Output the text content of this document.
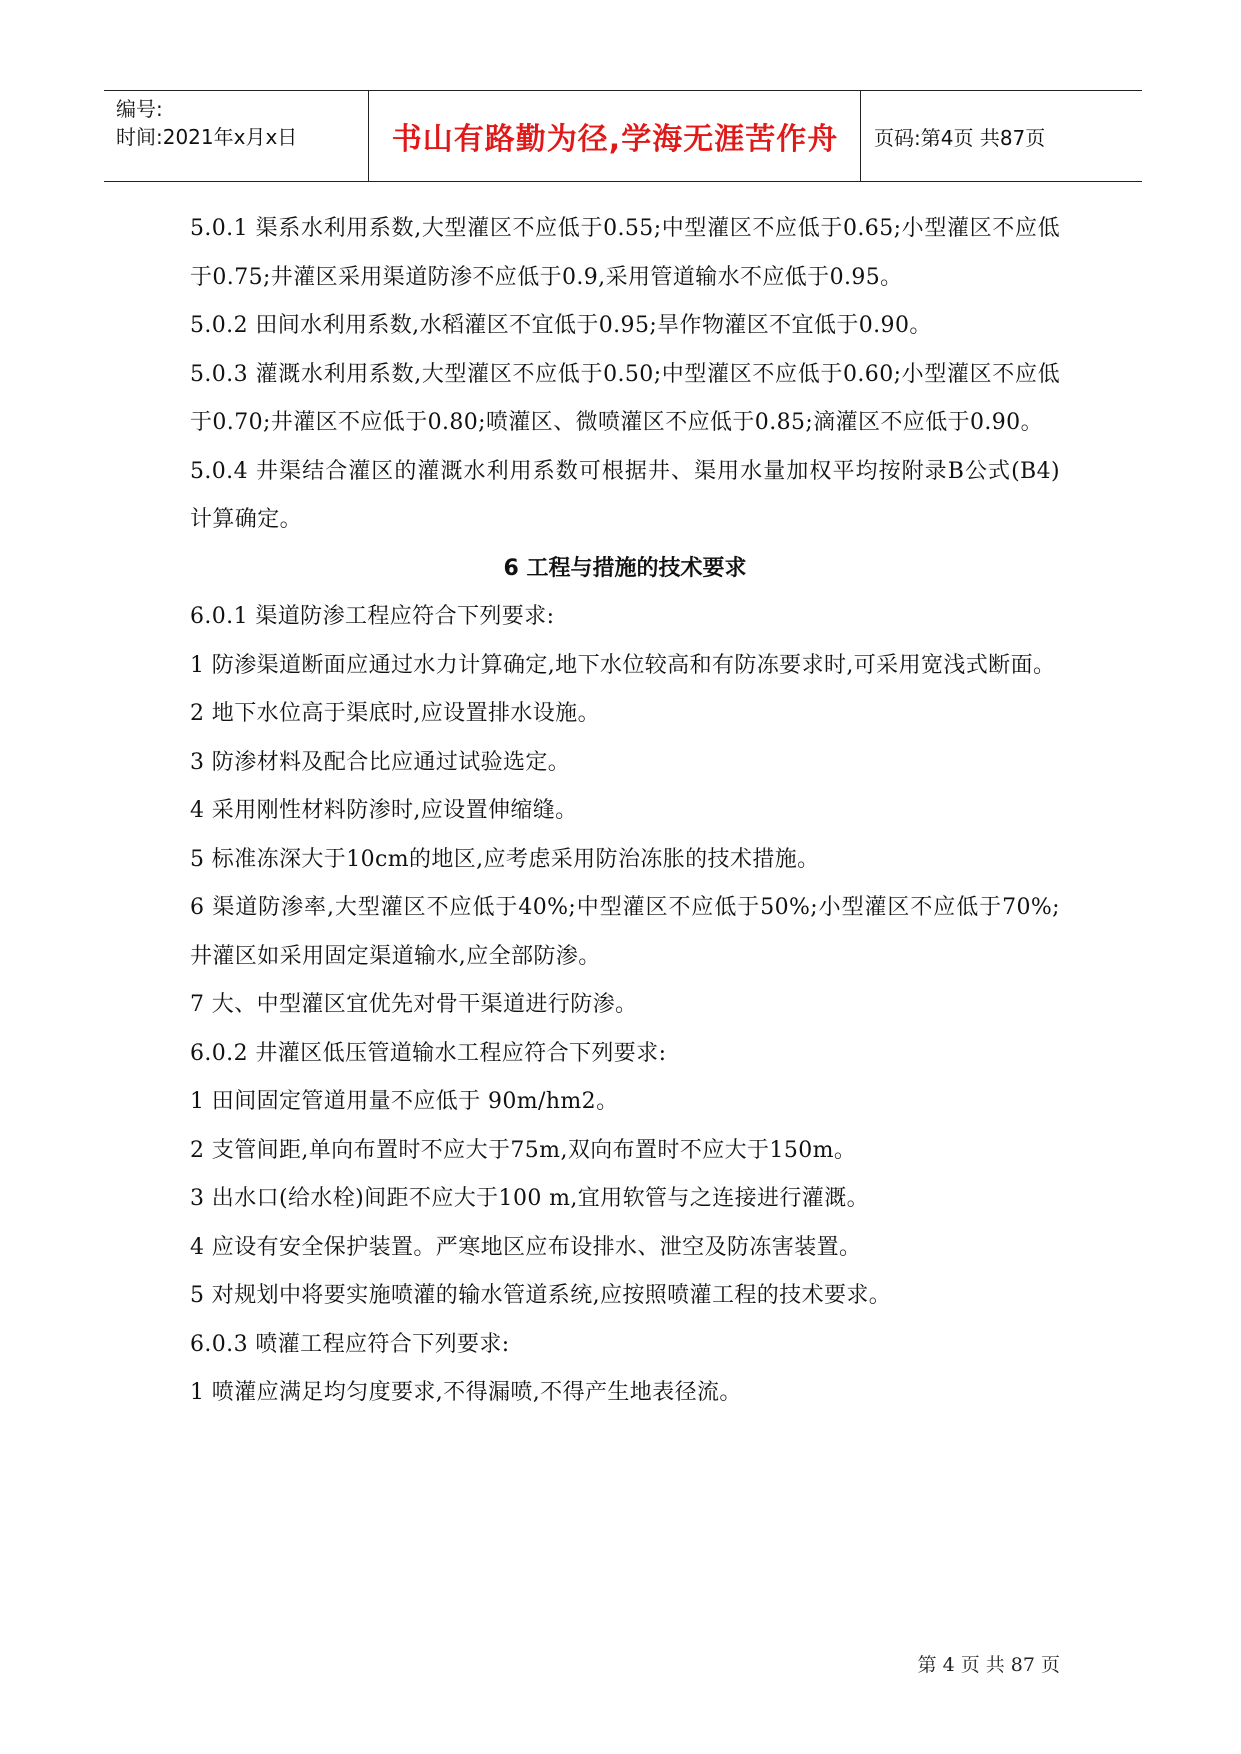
编号:
时间:2021年x月x日	书山有路勤为径,学海无涯苦作舟	页码:第4页 共87页

5.0.1 渠系水利用系数,大型灌区不应低于0.55;中型灌区不应低于0.65;小型灌区不应低于0.75;井灌区采用渠道防渗不应低于0.9,采用管道输水不应低于0.95。

5.0.2 田间水利用系数,水稻灌区不宜低于0.95;旱作物灌区不宜低于0.90。

5.0.3 灌溉水利用系数,大型灌区不应低于0.50;中型灌区不应低于0.60;小型灌区不应低于0.70;井灌区不应低于0.80;喷灌区、微喷灌区不应低于0.85;滴灌区不应低于0.90。

5.0.4 井渠结合灌区的灌溉水利用系数可根据井、渠用水量加权平均按附录B公式(B4)计算确定。

6 工程与措施的技术要求

6.0.1 渠道防渗工程应符合下列要求:

1 防渗渠道断面应通过水力计算确定,地下水位较高和有防冻要求时,可采用宽浅式断面。

2 地下水位高于渠底时,应设置排水设施。

3 防渗材料及配合比应通过试验选定。

4 采用刚性材料防渗时,应设置伸缩缝。

5 标准冻深大于10cm的地区,应考虑采用防治冻胀的技术措施。

6 渠道防渗率,大型灌区不应低于40%;中型灌区不应低于50%;小型灌区不应低于70%;井灌区如采用固定渠道输水,应全部防渗。

7 大、中型灌区宜优先对骨干渠道进行防渗。

6.0.2 井灌区低压管道输水工程应符合下列要求:

1 田间固定管道用量不应低于 90m/hm2。

2 支管间距,单向布置时不应大于75m,双向布置时不应大于150m。

3 出水口(给水栓)间距不应大于100 m,宜用软管与之连接进行灌溉。

4 应设有安全保护装置。严寒地区应布设排水、泄空及防冻害装置。

5 对规划中将要实施喷灌的输水管道系统,应按照喷灌工程的技术要求。

6.0.3 喷灌工程应符合下列要求:

1 喷灌应满足均匀度要求,不得漏喷,不得产生地表径流。

第 4 页 共 87 页
